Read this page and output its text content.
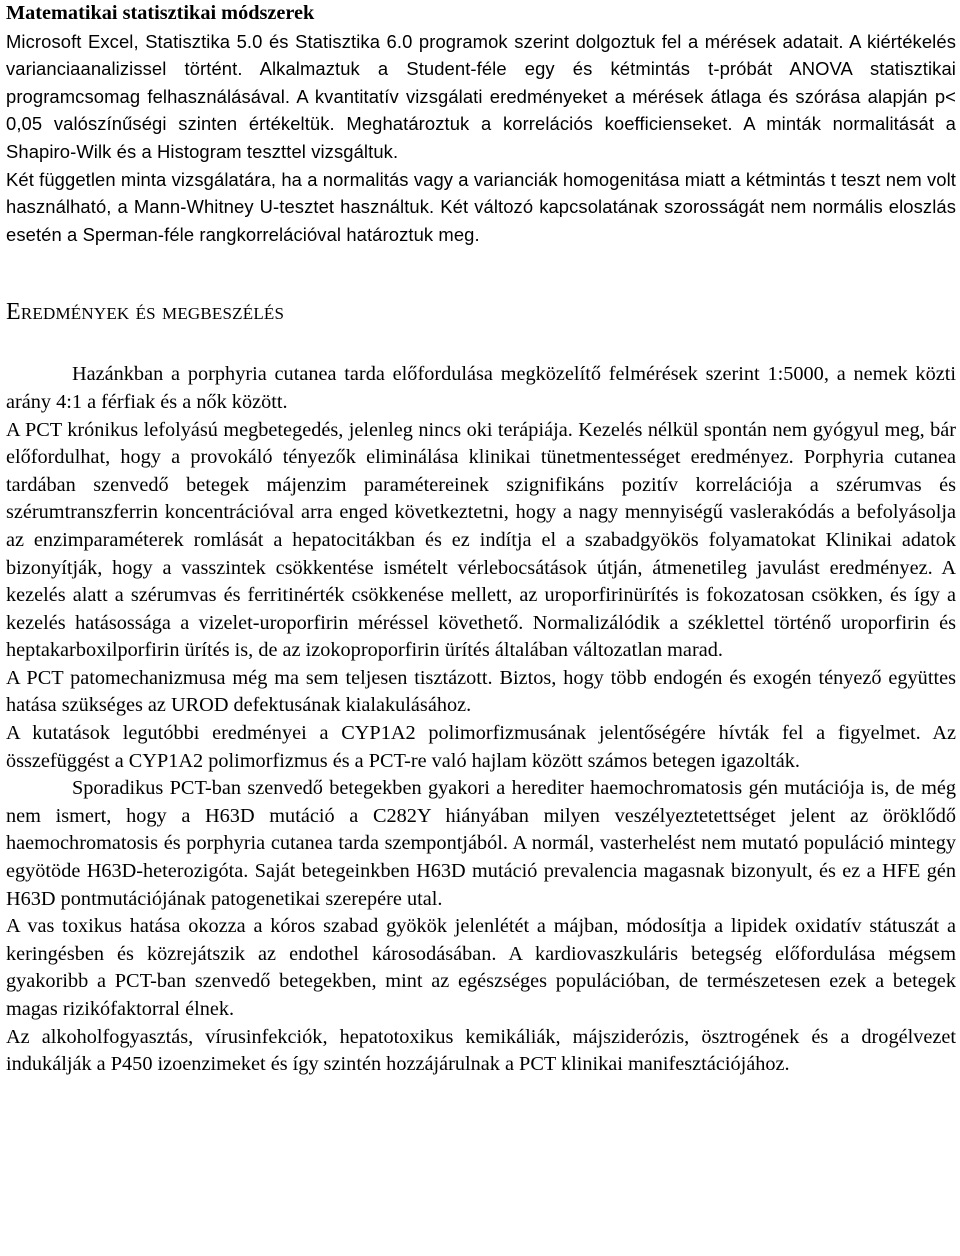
Matematikai statisztikai módszerek

Microsoft Excel, Statisztika 5.0 és Statisztika 6.0 programok szerint dolgoztuk fel a mérések adatait. A kiértékelés varianciaanalizissel történt. Alkalmaztuk a Student-féle egy és kétmintás t-próbát ANOVA statisztikai programcsomag felhasználásával. A kvantitatív vizsgálati eredményeket a mérések átlaga és szórása alapján p< 0,05 valószínűségi szinten értékeltük. Meghatároztuk a korrelációs koefficienseket. A minták normalitását a Shapiro-Wilk és a Histogram teszttel vizsgáltuk.

Két független minta vizsgálatára, ha a normalitás vagy a varianciák homogenitása miatt a kétmintás t teszt nem volt használható, a Mann-Whitney U-tesztet használtuk. Két változó kapcsolatának szorosságát nem normális eloszlás esetén a Sperman-féle rangkorrelációval határoztuk meg.

Eredmények és megbeszélés

Hazánkban a porphyria cutanea tarda előfordulása megközelítő felmérések szerint 1:5000, a nemek közti arány 4:1 a férfiak és a nők között.

A PCT krónikus lefolyású megbetegedés, jelenleg nincs oki terápiája. Kezelés nélkül spontán nem gyógyul meg, bár előfordulhat, hogy a provokáló tényezők eliminálása klinikai tünetmentességet eredményez. Porphyria cutanea tardában szenvedő betegek májenzim paramétereinek szignifikáns pozitív korrelációja a szérumvas és szérumtranszferrin koncentrációval arra enged következtetni, hogy a nagy mennyiségű vaslerakódás a befolyásolja az enzimparaméterek romlását a hepatocitákban és ez indítja el a szabadgyökös folyamatokat Klinikai adatok bizonyítják, hogy a vasszintek csökkentése ismételt vérlebocsátások útján, átmenetileg javulást eredményez. A kezelés alatt a szérumvas és ferritinérték csökkenése mellett, az uroporfirinürítés is fokozatosan csökken, és így a kezelés hatásossága a vizelet-uroporfirin méréssel követhető. Normalizálódik a széklettel történő uroporfirin és heptakarboxilporfirin ürítés is, de az izokoproporfirin ürítés általában változatlan marad.

A PCT patomechanizmusa még ma sem teljesen tisztázott. Biztos, hogy több endogén és exogén tényező együttes hatása szükséges az UROD defektusának kialakulásához.

A kutatások legutóbbi eredményei a CYP1A2 polimorfizmusának jelentőségére hívták fel a figyelmet. Az összefüggést a CYP1A2 polimorfizmus és a PCT-re való hajlam között számos betegen igazolták.

Sporadikus PCT-ban szenvedő betegekben gyakori a herediter haemochromatosis gén mutációja is, de még nem ismert, hogy a H63D mutáció a C282Y hiányában milyen veszélyeztetettséget jelent az öröklődő haemochromatosis és porphyria cutanea tarda szempontjából. A normál, vasterhelést nem mutató populáció mintegy egyötöde H63D-heterozigóta. Saját betegeinkben H63D mutáció prevalencia magasnak bizonyult, és ez a HFE gén H63D pontmutációjának patogenetikai szerepére utal.

A vas toxikus hatása okozza a kóros szabad gyökök jelenlétét a májban, módosítja a lipidek oxidatív státuszát a keringésben és közrejátszik az endothel károsodásában. A kardiovaszkuláris betegség előfordulása mégsem gyakoribb a PCT-ban szenvedő betegekben, mint az egészséges populációban, de természetesen ezek a betegek magas rizikófaktorral élnek.

Az alkoholfogyasztás, vírusinfekciók, hepatotoxikus kemikáliák, májsziderózis, ösztrogének és a drogélvezet indukálják a P450 izoenzimeket és így szintén hozzájárulnak a PCT klinikai manifesztációjához.
